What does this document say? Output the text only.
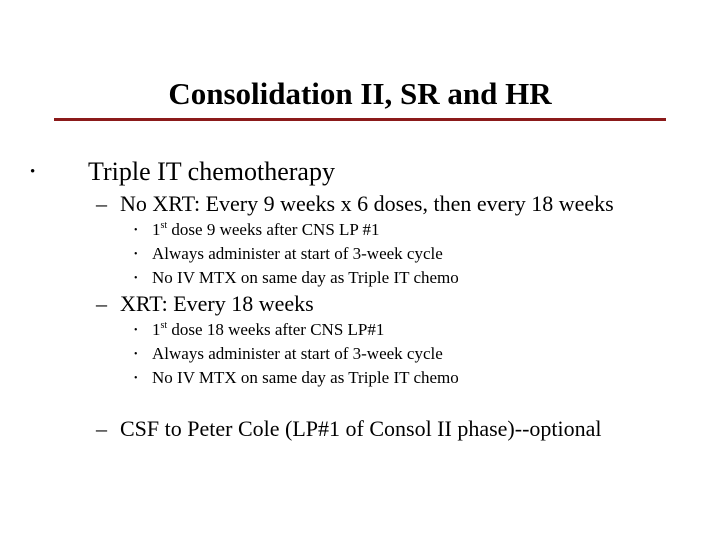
Consolidation II, SR and HR
• Triple IT chemotherapy
– No XRT: Every 9 weeks x 6 doses, then every 18 weeks
• 1st dose 9 weeks after CNS LP #1
• Always administer at start of 3-week cycle
• No IV MTX on same day as Triple IT chemo
– XRT: Every 18 weeks
• 1st dose 18 weeks after CNS LP#1
• Always administer at start of 3-week cycle
• No IV MTX on same day as Triple IT chemo
– CSF to Peter Cole (LP#1 of Consol II phase)--optional
